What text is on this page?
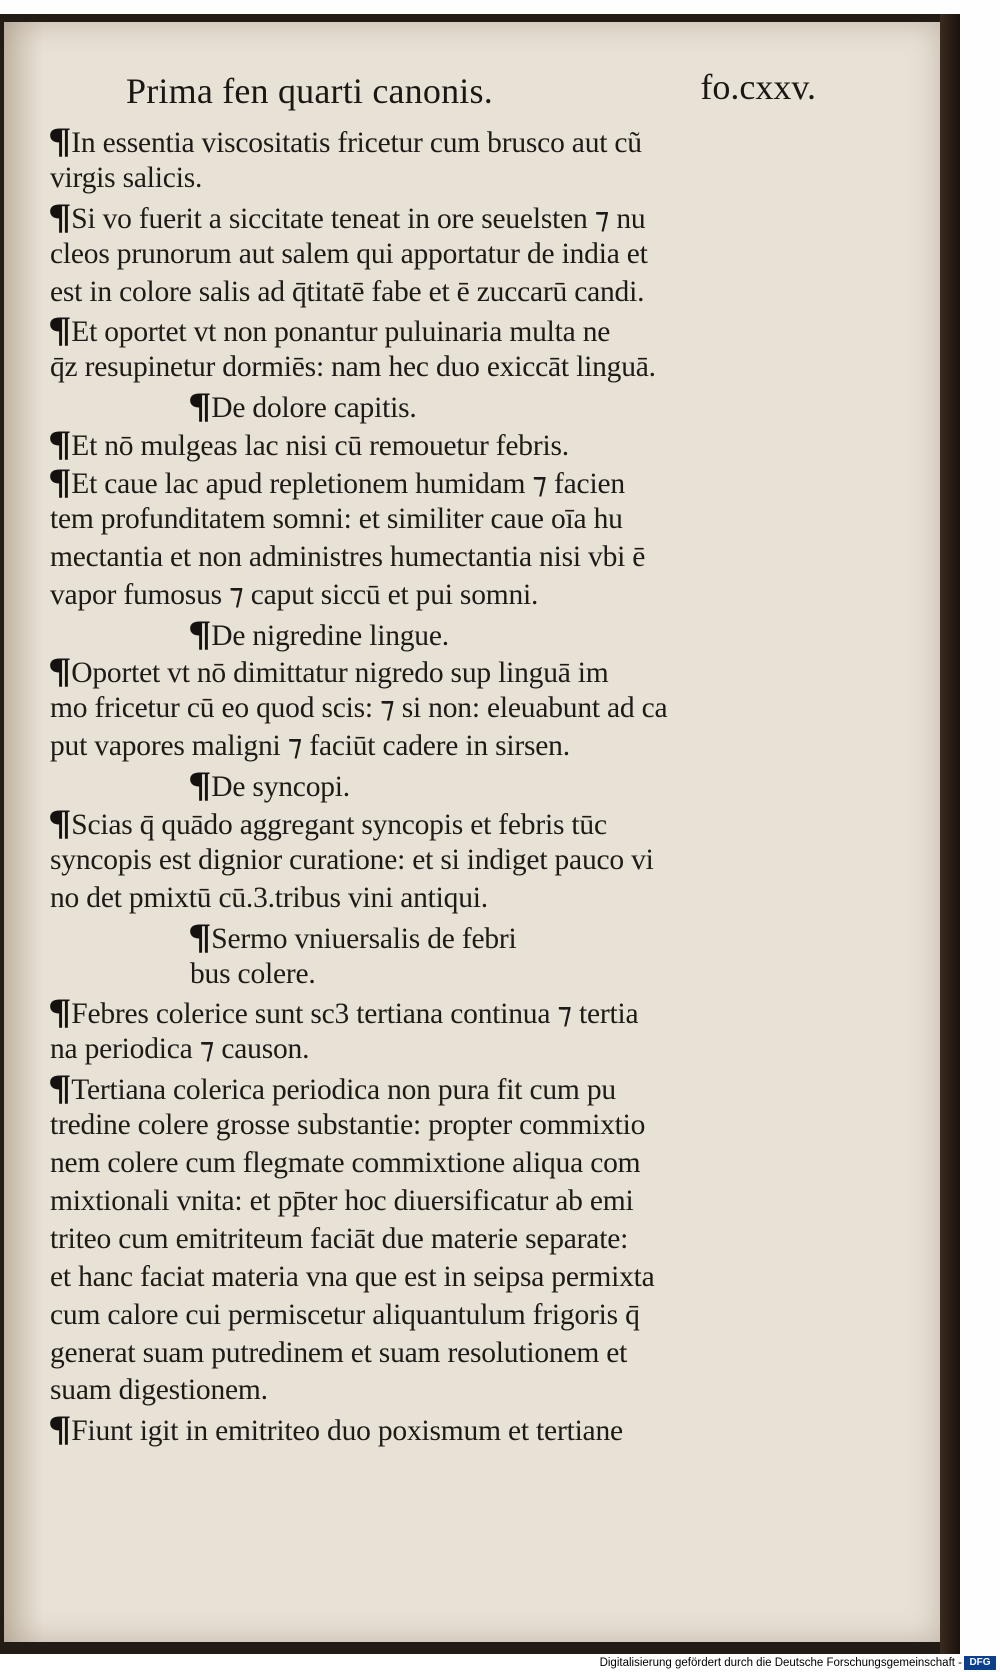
Prima fen quarti canonis.	fo.cxxv.
¶In essentia viscositatis fricetur cum brusco aut cũ
virgis salicis.
¶Si vo fuerit a siccitate teneat in ore seuelsten ⁊ nu
cleos prunorum aut salem qui apportatur de india et
est in colore salis ad q̄titatē fabe et ē zuccarū candi.
¶Et oportet vt non ponantur puluinaria multa ne
q̄z resupinetur dormiēs: nam hec duo exiccāt linguā.
¶De dolore capitis.
¶Et nō mulgeas lac nisi cū remouetur febris.
¶Et caue lac apud repletionem humidam ⁊ facien
tem profunditatem somni: et similiter caue oīa hu
mectantia et non administres humectantia nisi vbi ē
vapor fumosus ⁊ caput siccū et pui somni.
¶De nigredine lingue.
¶Oportet vt nō dimittatur nigredo sup linguā im
mo fricetur cū eo quod scis: ⁊ si non: eleuabunt ad ca
put vapores maligni ⁊ faciūt cadere in sirsen.
¶De syncopi.
¶Scias q̄ quādo aggregant syncopis et febris tūc
syncopis est dignior curatione: et si indiget pauco vi
no det pmixtū cū.3.tribus vini antiqui.
¶Sermo vniuersalis de febri
bus colere.
¶Febres colerice sunt sc3 tertiana continua ⁊ tertia
na periodica ⁊ causon.
¶Tertiana colerica periodica non pura fit cum pu
tredine colere grosse substantie: propter commixtio
nem colere cum flegmate commixtione aliqua com
mixtionali vnita: et pp̄ter hoc diuersificatur ab emi
triteo cum emitriteum faciāt due materie separate:
et hanc faciat materia vna que est in seipsa permixta
cum calore cui permiscetur aliquantulum frigoris q̄
generat suam putredinem et suam resolutionem et
suam digestionem.
¶Fiunt igit in emitriteo duo poxismum et tertiane
Digitalisierung gefördert durch die Deutsche Forschungsgemeinschaft - DFG
